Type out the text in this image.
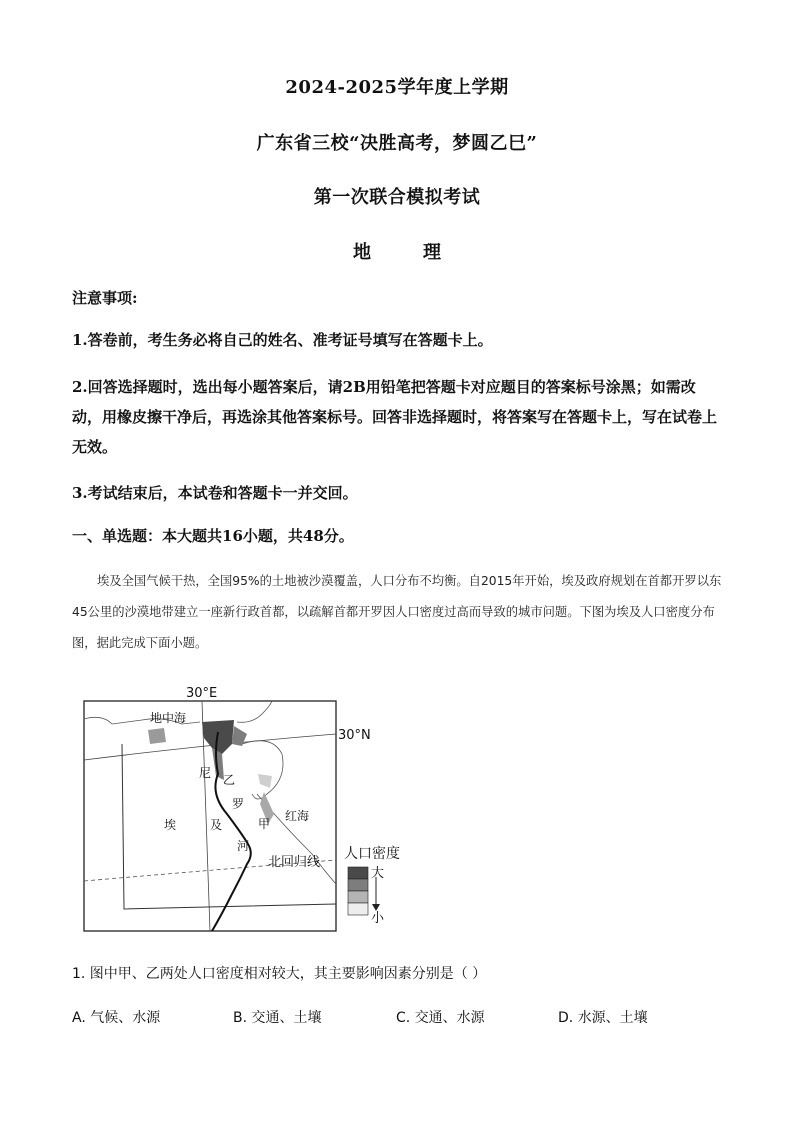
2024-2025学年度上学期
广东省三校“决胜高考，梦圆乙巳”
第一次联合模拟考试
地	理
注意事项:
1.答卷前，考生务必将自己的姓名、准考证号填写在答题卡上。
2.回答选择题时，选出每小题答案后，请2B用铅笔把答题卡对应题目的答案标号涂黑；如需改动，用橡皮擦干净后，再选涂其他答案标号。回答非选择题时，将答案写在答题卡上，写在试卷上无效。
3.考试结束后，本试卷和答题卡一并交回。
一、单选题：本大题共16小题，共48分。
埃及全国气候干热，全国95%的土地被沙漠覆盖，人口分布不均衡。自2015年开始，埃及政府规划在首都开罗以东45公里的沙漠地带建立一座新行政首都，以疏解首都开罗因人口密度过高而导致的城市问题。下图为埃及人口密度分布图，据此完成下面小题。
30°E
30°N
地中海
红海
埃	及
尼
罗
河
甲
乙
北回归线
人口密度
大
小
1. 图中甲、乙两处人口密度相对较大，其主要影响因素分别是（ ）
A. 气候、水源	B. 交通、土壤	C. 交通、水源	D. 水源、土壤
